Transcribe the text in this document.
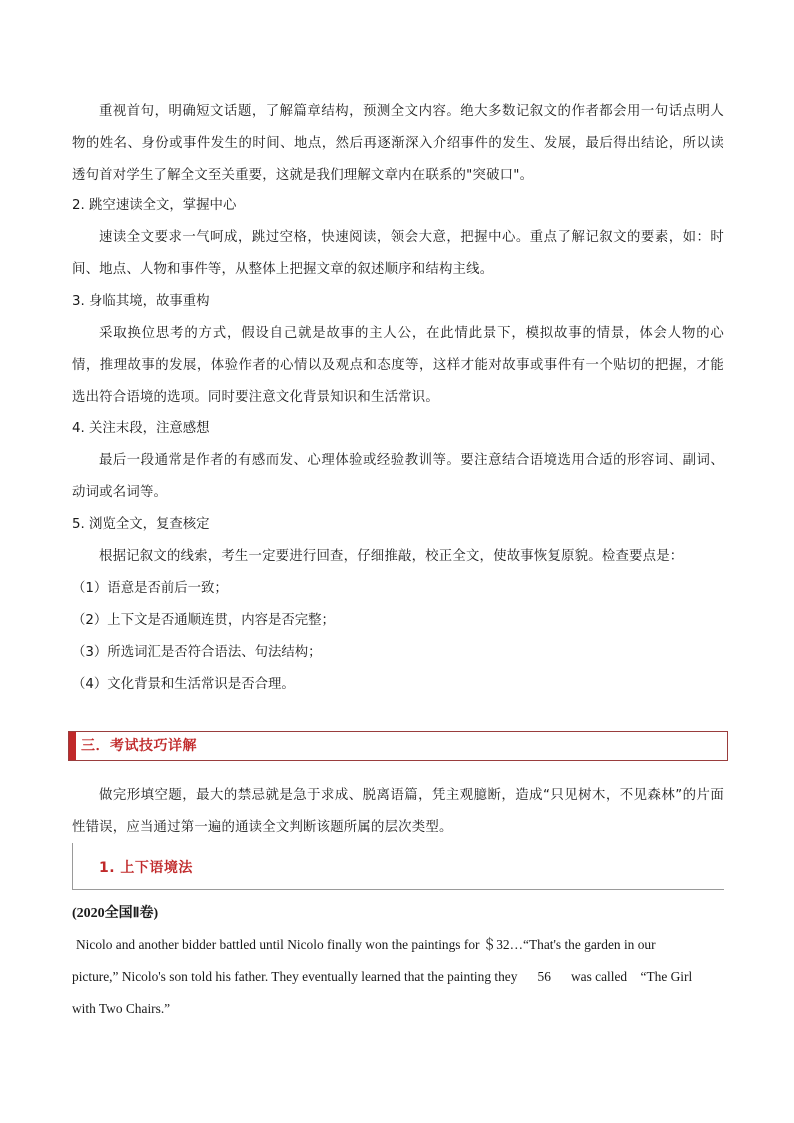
重视首句，明确短文话题，了解篇章结构，预测全文内容。绝大多数记叙文的作者都会用一句话点明人物的姓名、身份或事件发生的时间、地点，然后再逐渐深入介绍事件的发生、发展，最后得出结论，所以读透句首对学生了解全文至关重要，这就是我们理解文章内在联系的"突破口"。

2. 跳空速读全文，掌握中心

速读全文要求一气呵成，跳过空格，快速阅读，领会大意，把握中心。重点了解记叙文的要素，如：时间、地点、人物和事件等，从整体上把握文章的叙述顺序和结构主线。

3. 身临其境，故事重构

采取换位思考的方式，假设自己就是故事的主人公，在此情此景下，模拟故事的情景，体会人物的心情，推理故事的发展，体验作者的心情以及观点和态度等，这样才能对故事或事件有一个贴切的把握，才能选出符合语境的选项。同时要注意文化背景知识和生活常识。

4. 关注末段，注意感想

最后一段通常是作者的有感而发、心理体验或经验教训等。要注意结合语境选用合适的形容词、副词、动词或名词等。

5. 浏览全文，复查核定

根据记叙文的线索，考生一定要进行回查，仔细推敲，校正全文，使故事恢复原貌。检查要点是：

（1）语意是否前后一致；

（2）上下文是否通顺连贯，内容是否完整；

（3）所选词汇是否符合语法、句法结构；

（4）文化背景和生活常识是否合理。

三．考试技巧详解

做完形填空题，最大的禁忌就是急于求成、脱离语篇，凭主观臆断，造成“只见树木，不见森林”的片面性错误，应当通过第一遍的通读全文判断该题所属的层次类型。

1. 上下语境法
(2020全国Ⅱ卷)

Nicolo and another bidder battled until Nicolo finally won the paintings for ＄32…“That's the garden in our

picture,” Nicolo's son told his father. They eventually learned that the painting they      56      was called    “The Girl

with Two Chairs.”
